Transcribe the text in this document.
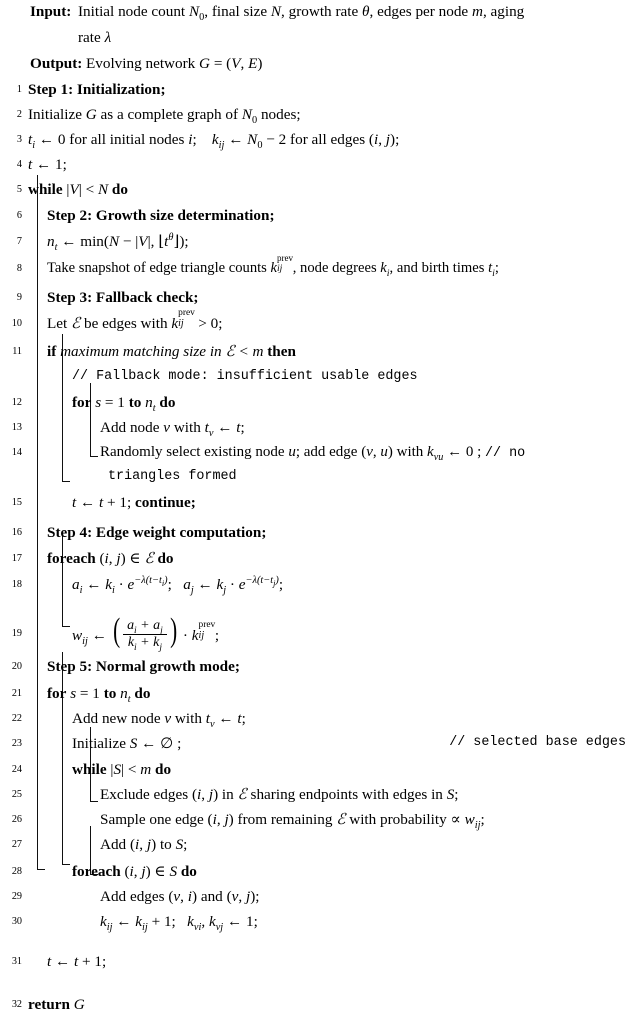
Input: Initial node count $N_0$, final size N, growth rate θ, edges per node m, aging
rate λ
Output: Evolving network G = (V, E)
1 Step 1: Initialization;
2 Initialize G as a complete graph of $N_0$ nodes;
3 $t_i$ ← 0 for all initial nodes i;    $k_{ij}$ ← $N_0 - 2$ for all edges (i, j);
4 t ← 1;
5 while |V| < N do
6	Step 2: Growth size determination;
7	$n_t$ ← min(N − |V|, $⌊t^\theta⌋$);
8	Take snapshot of edge triangle counts k
prev
ij , node degrees $k_i$, and birth times $t_i$;
9	Step 3: Fallback check;
10	Let ℰ be edges with k
prev
ij > 0;
11	if maximum matching size in ℰ < m then
// Fallback mode: insufficient usable edges
12	for s = 1 to $n_t$ do
13	Add node v with $t_v$ ← t;
14	Randomly select existing node u; add edge (v, u) with $k_{vu}$ ← 0 ; // no
triangles formed
15	t ← t + 1; continue;
16	Step 4: Edge weight computation;
17	foreach (i, j) ∈ ℰ do
18	$a_i$ ← $k_i \cdot e^{-\lambda(t-t_i)}$;   $a_j$ ← $k_j \cdot e^{-\lambda(t-t_j)}$;
19	$w_{ij}$ ← ( $\frac{a_i + a_j}{k_i + k_j}$ ) · k
prev
ij ;
20	Step 5: Normal growth mode;
21	for s = 1 to $n_t$ do
22	Add new node v with $t_v$ ← t;
23	Initialize S ← ∅ ;	// selected base edges
24	while |S| < m do
25	Exclude edges (i, j) in ℰ sharing endpoints with edges in S;
26	Sample one edge (i, j) from remaining ℰ with probability ∝ $w_{ij}$;
27	Add (i, j) to S;
28	foreach (i, j) ∈ S do
29	Add edges (v, i) and (v, j);
30	$k_{ij}$ ← $k_{ij} + 1$;   $k_{vi}$, $k_{vj}$ ← 1;
31	t ← t + 1;
32 return G
